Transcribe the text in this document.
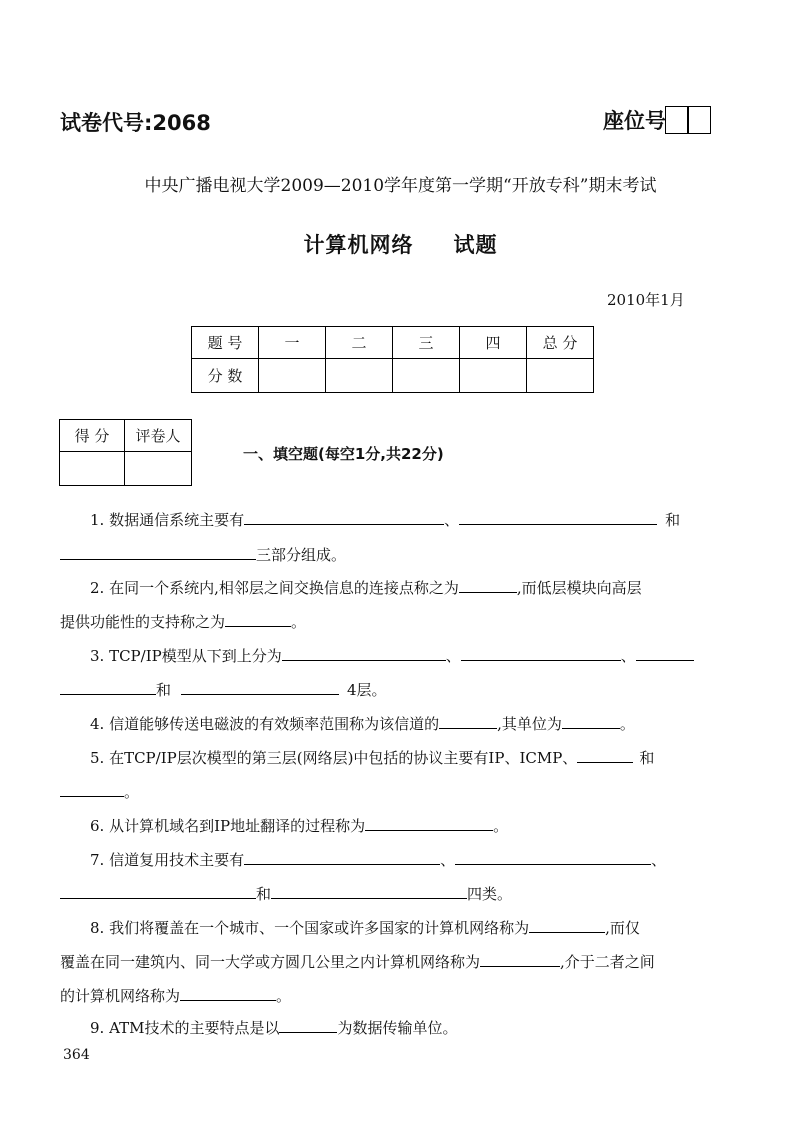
试卷代号:2068	座位号
中央广播电视大学2009—2010学年度第一学期“开放专科”期末考试
计算机网络 试题
2010年1月
题 号	一	二	三	四	总 分
分 数					
得 分	评卷人

一、填空题(每空1分,共22分)
1. 数据通信系统主要有	、	和
三部分组成。
2. 在同一个系统内,相邻层之间交换信息的连接点称之为	,而低层模块向高层
提供功能性的支持称之为	。
3. TCP/IP模型从下到上分为	、	、
和	4层。
4. 信道能够传送电磁波的有效频率范围称为该信道的	,其单位为	。
5. 在TCP/IP层次模型的第三层(网络层)中包括的协议主要有IP、ICMP、	和
。
6. 从计算机域名到IP地址翻译的过程称为	。
7. 信道复用技术主要有	、	、
和	四类。
8. 我们将覆盖在一个城市、一个国家或许多国家的计算机网络称为	,而仅
覆盖在同一建筑内、同一大学或方圆几公里之内计算机网络称为	,介于二者之间
的计算机网络称为	。
9. ATM技术的主要特点是以	为数据传输单位。
364
